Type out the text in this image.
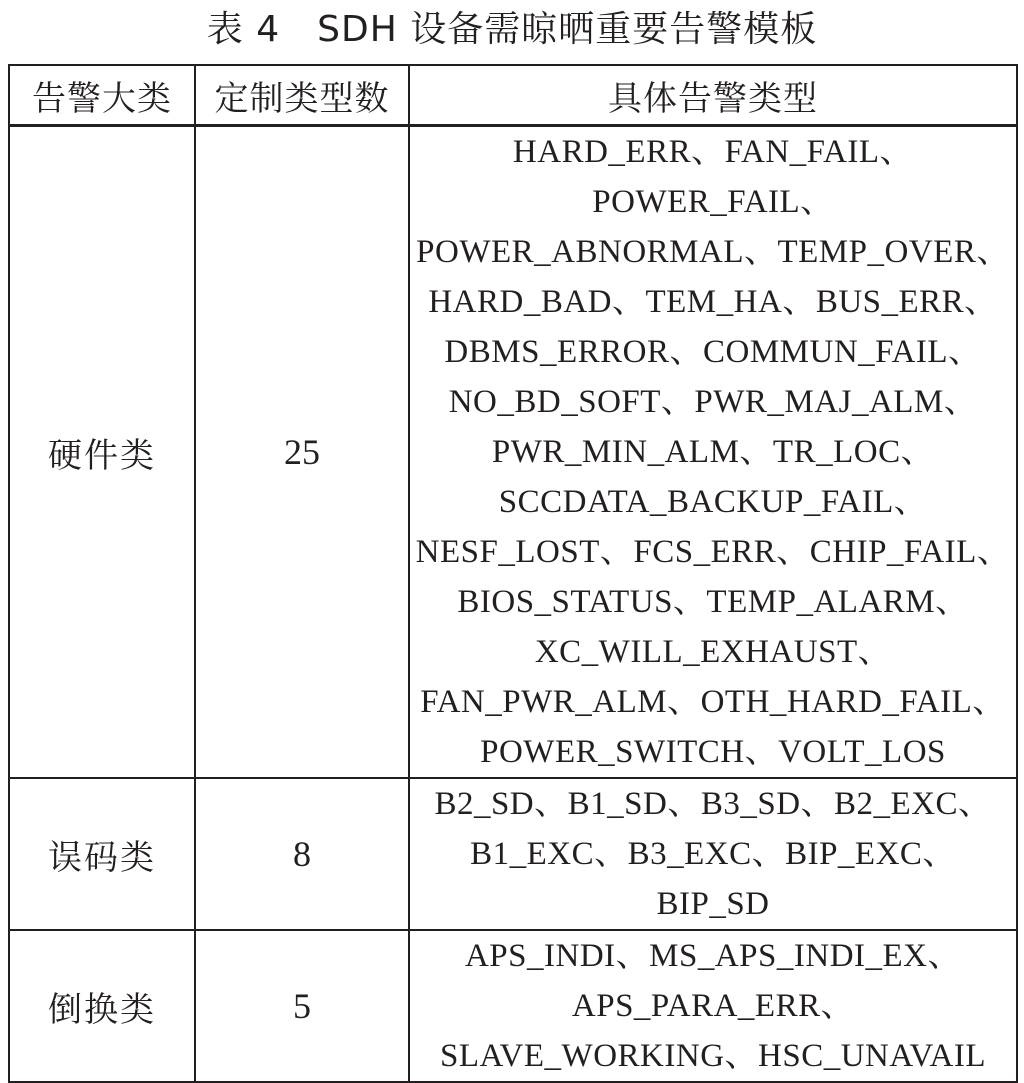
表 4　SDH 设备需晾晒重要告警模板
告警大类	定制类型数	具体告警类型
硬件类	25	HARD_ERR、FAN_FAIL、POWER_FAIL、POWER_ABNORMAL、TEMP_OVER、HARD_BAD、TEM_HA、BUS_ERR、DBMS_ERROR、COMMUN_FAIL、NO_BD_SOFT、PWR_MAJ_ALM、PWR_MIN_ALM、TR_LOC、SCCDATA_BACKUP_FAIL、NESF_LOST、FCS_ERR、CHIP_FAIL、BIOS_STATUS、TEMP_ALARM、XC_WILL_EXHAUST、FAN_PWR_ALM、OTH_HARD_FAIL、POWER_SWITCH、VOLT_LOS
误码类	8	B2_SD、B1_SD、B3_SD、B2_EXC、B1_EXC、B3_EXC、BIP_EXC、BIP_SD
倒换类	5	APS_INDI、MS_APS_INDI_EX、APS_PARA_ERR、SLAVE_WORKING、HSC_UNAVAIL
